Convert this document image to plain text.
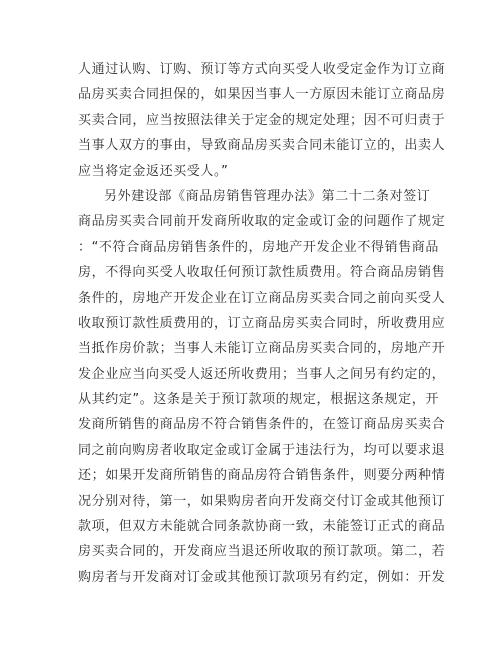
人通过认购、订购、预订等方式向买受人收受定金作为订立商
品房买卖合同担保的，如果因当事人一方原因未能订立商品房
买卖合同，应当按照法律关于定金的规定处理；因不可归责于
当事人双方的事由，导致商品房买卖合同未能订立的，出卖人
应当将定金返还买受人。”
另外建设部《商品房销售管理办法》第二十二条对签订
商品房买卖合同前开发商所收取的定金或订金的问题作了规定
：“不符合商品房销售条件的，房地产开发企业不得销售商品
房，不得向买受人收取任何预订款性质费用。符合商品房销售
条件的，房地产开发企业在订立商品房买卖合同之前向买受人
收取预订款性质费用的，订立商品房买卖合同时，所收费用应
当抵作房价款；当事人未能订立商品房买卖合同的，房地产开
发企业应当向买受人返还所收费用；当事人之间另有约定的，
从其约定”。这条是关于预订款项的规定，根据这条规定，开
发商所销售的商品房不符合销售条件的，在签订商品房买卖合
同之前向购房者收取定金或订金属于违法行为，均可以要求退
还；如果开发商所销售的商品房符合销售条件，则要分两种情
况分别对待，第一，如果购房者向开发商交付订金或其他预订
款项，但双方未能就合同条款协商一致，未能签订正式的商品
房买卖合同的，开发商应当退还所收取的预订款项。第二，若
购房者与开发商对订金或其他预订款项另有约定，例如：开发
